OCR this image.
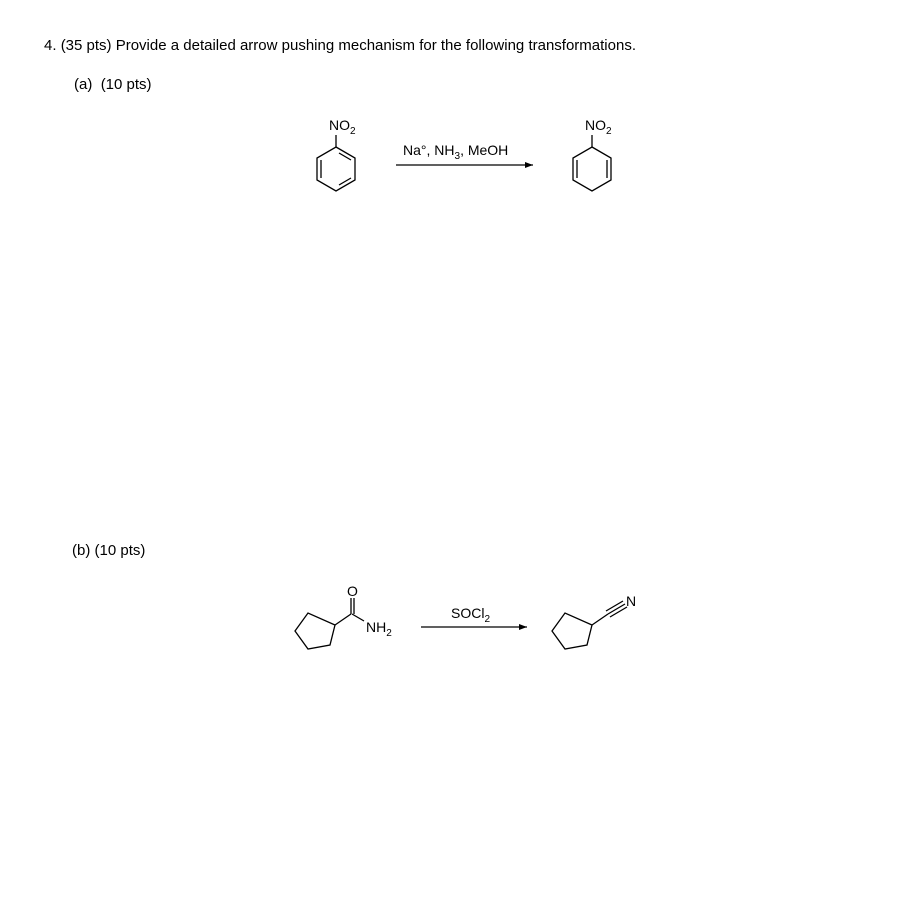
4. (35 pts) Provide a detailed arrow pushing mechanism for the following transformations.
(a) (10 pts)
(b) (10 pts)
$NO_2$
Na°, $NH_3$, MeOH
$NO_2$
O
$NH_2$
SOCl$_2$
N
